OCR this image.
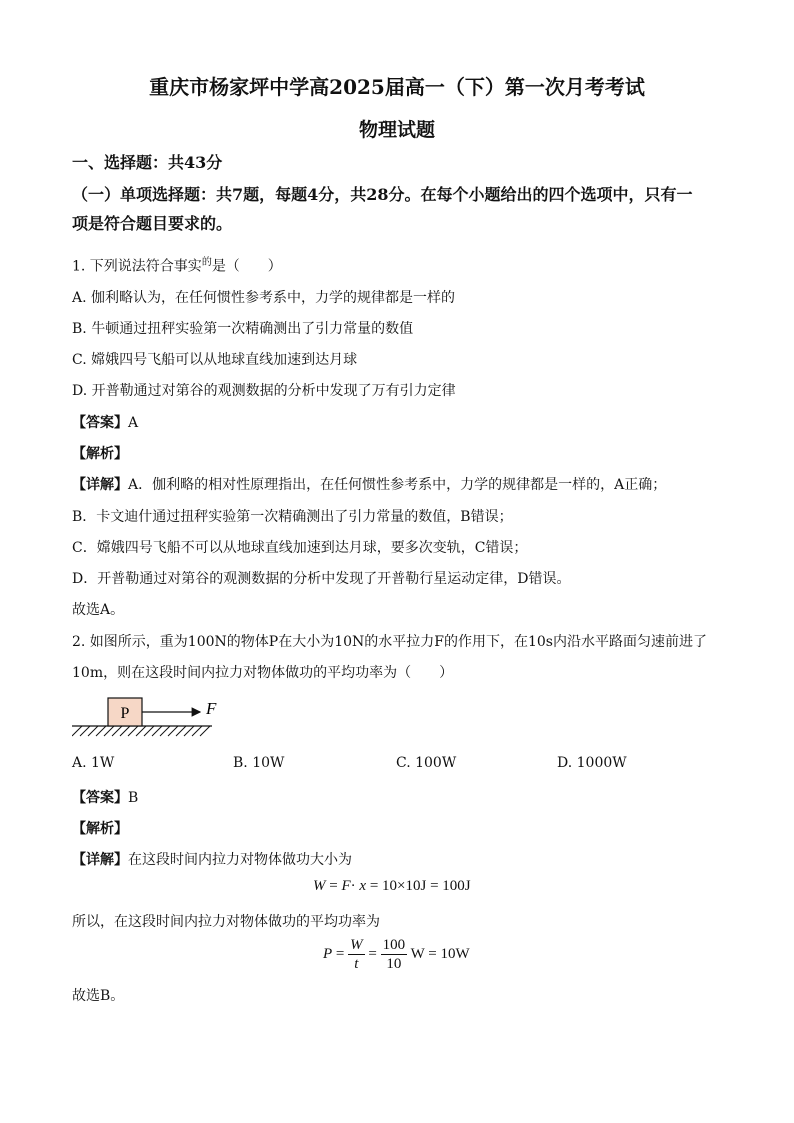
重庆市杨家坪中学高2025届高一（下）第一次月考考试
物理试题
一、选择题：共43分
（一）单项选择题：共7题，每题4分，共28分。在每个小题给出的四个选项中，只有一
项是符合题目要求的。
1. 下列说法符合事实$^的$是（　　）
A. 伽利略认为，在任何惯性参考系中，力学的规律都是一样的
B. 牛顿通过扭秤实验第一次精确测出了引力常量的数值
C. 嫦娥四号飞船可以从地球直线加速到达月球
D. 开普勒通过对第谷的观测数据的分析中发现了万有引力定律
【答案】A
【解析】
【详解】A．伽利略的相对性原理指出，在任何惯性参考系中，力学的规律都是一样的，A正确；
B．卡文迪什通过扭秤实验第一次精确测出了引力常量的数值，B错误；
C．嫦娥四号飞船不可以从地球直线加速到达月球，要多次变轨，C错误；
D．开普勒通过对第谷的观测数据的分析中发现了开普勒行星运动定律，D错误。
故选A。
2. 如图所示，重为100N的物体P在大小为10N的水平拉力F的作用下，在10s内沿水平路面匀速前进了
10m，则在这段时间内拉力对物体做功的平均功率为（　　）
P	F
A. 1W	B. 10W	C. 100W	D. 1000W
【答案】B
【解析】
【详解】在这段时间内拉力对物体做功大小为
W = F· x = 10×10J = 100J
所以，在这段时间内拉力对物体做功的平均功率为
$P = \frac{W}{t} = \frac{100}{10}$ W = 10W
故选B。
